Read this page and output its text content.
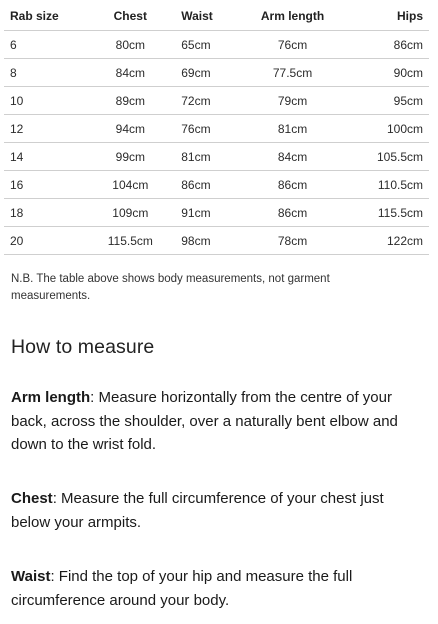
Rab size	Chest	Waist	Arm length	Hips
6	80cm	65cm	76cm	86cm
8	84cm	69cm	77.5cm	90cm
10	89cm	72cm	79cm	95cm
12	94cm	76cm	81cm	100cm
14	99cm	81cm	84cm	105.5cm
16	104cm	86cm	86cm	110.5cm
18	109cm	91cm	86cm	115.5cm
20	115.5cm	98cm	78cm	122cm
N.B. The table above shows body measurements, not garment measurements.
How to measure

Arm length: Measure horizontally from the centre of your back, across the shoulder, over a naturally bent elbow and down to the wrist fold.

Chest: Measure the full circumference of your chest just below your armpits.

Waist: Find the top of your hip and measure the full circumference around your body.
